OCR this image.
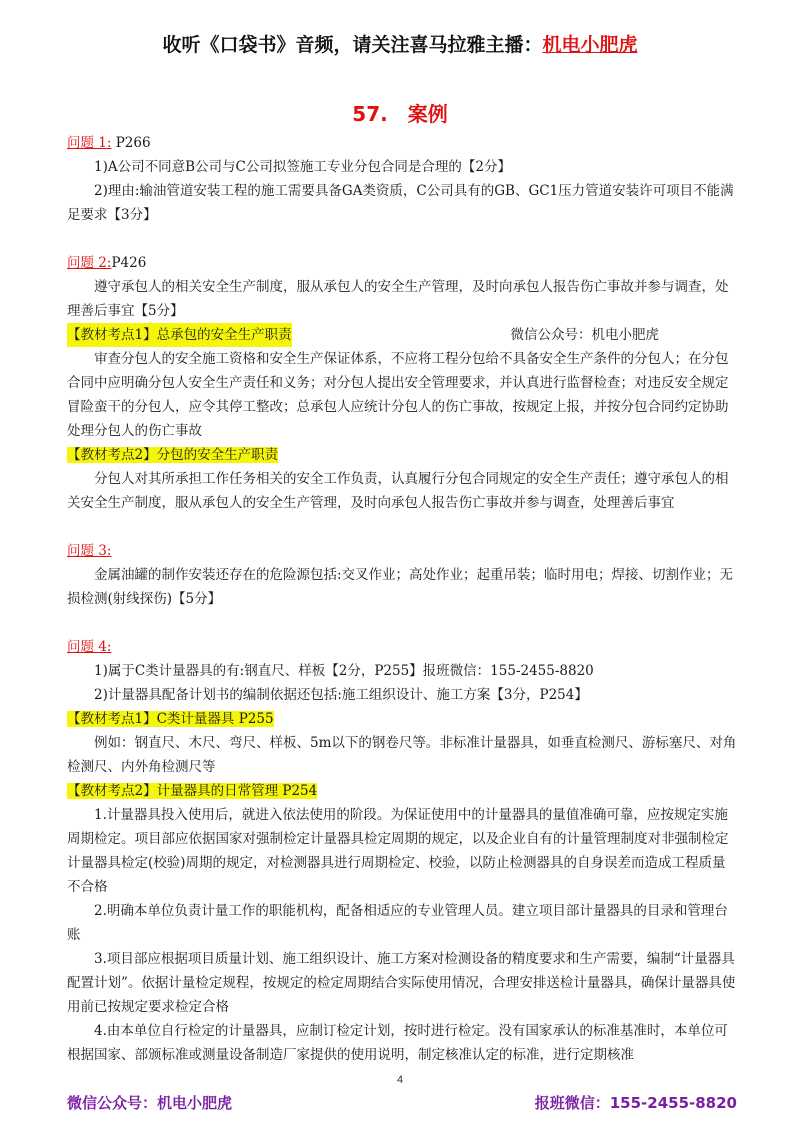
收听《口袋书》音频，请关注喜马拉雅主播：机电小肥虎
57.　案例

问题 1: P266

1)A公司不同意B公司与C公司拟签施工专业分包合同是合理的【2分】

2)理由:输油管道安装工程的施工需要具备GA类资质，C公司具有的GB、GC1压力管道安装许可项目不能满足要求【3分】

问题 2:P426

遵守承包人的相关安全生产制度，服从承包人的安全生产管理，及时向承包人报告伤亡事故并参与调查，处理善后事宜【5分】

【教材考点1】总承包的安全生产职责	微信公众号：机电小肥虎

审查分包人的安全施工资格和安全生产保证体系，不应将工程分包给不具备安全生产条件的分包人；在分包合同中应明确分包人安全生产责任和义务；对分包人提出安全管理要求，并认真进行监督检查；对违反安全规定冒险蛮干的分包人，应令其停工整改；总承包人应统计分包人的伤亡事故，按规定上报，并按分包合同约定协助处理分包人的伤亡事故

【教材考点2】分包的安全生产职责

分包人对其所承担工作任务相关的安全工作负责，认真履行分包合同规定的安全生产责任；遵守承包人的相关安全生产制度，服从承包人的安全生产管理，及时向承包人报告伤亡事故并参与调查，处理善后事宜

问题 3:

金属油罐的制作安装还存在的危险源包括:交叉作业；高处作业；起重吊装；临时用电；焊接、切割作业；无损检测(射线探伤)【5分】

问题 4:

1)属于C类计量器具的有:钢直尺、样板【2分，P255】报班微信：155-2455-8820

2)计量器具配备计划书的编制依据还包括:施工组织设计、施工方案【3分，P254】

【教材考点1】C类计量器具 P255

例如：钢直尺、木尺、弯尺、样板、5m以下的钢卷尺等。非标准计量器具，如垂直检测尺、游标塞尺、对角检测尺、内外角检测尺等

【教材考点2】计量器具的日常管理 P254

1.计量器具投入使用后，就进入依法使用的阶段。为保证使用中的计量器具的量值准确可靠，应按规定实施周期检定。项目部应依据国家对强制检定计量器具检定周期的规定，以及企业自有的计量管理制度对非强制检定计量器具检定(校验)周期的规定，对检测器具进行周期检定、校验，以防止检测器具的自身误差而造成工程质量不合格

2.明确本单位负责计量工作的职能机构，配备相适应的专业管理人员。建立项目部计量器具的目录和管理台账

3.项目部应根据项目质量计划、施工组织设计、施工方案对检测设备的精度要求和生产需要，编制“计量器具配置计划”。依据计量检定规程，按规定的检定周期结合实际使用情况，合理安排送检计量器具，确保计量器具使用前已按规定要求检定合格

4.由本单位自行检定的计量器具，应制订检定计划，按时进行检定。没有国家承认的标准基准时，本单位可根据国家、部颁标准或测量设备制造厂家提供的使用说明，制定核准认定的标准，进行定期核准

4
微信公众号：机电小肥虎	报班微信：155-2455-8820
